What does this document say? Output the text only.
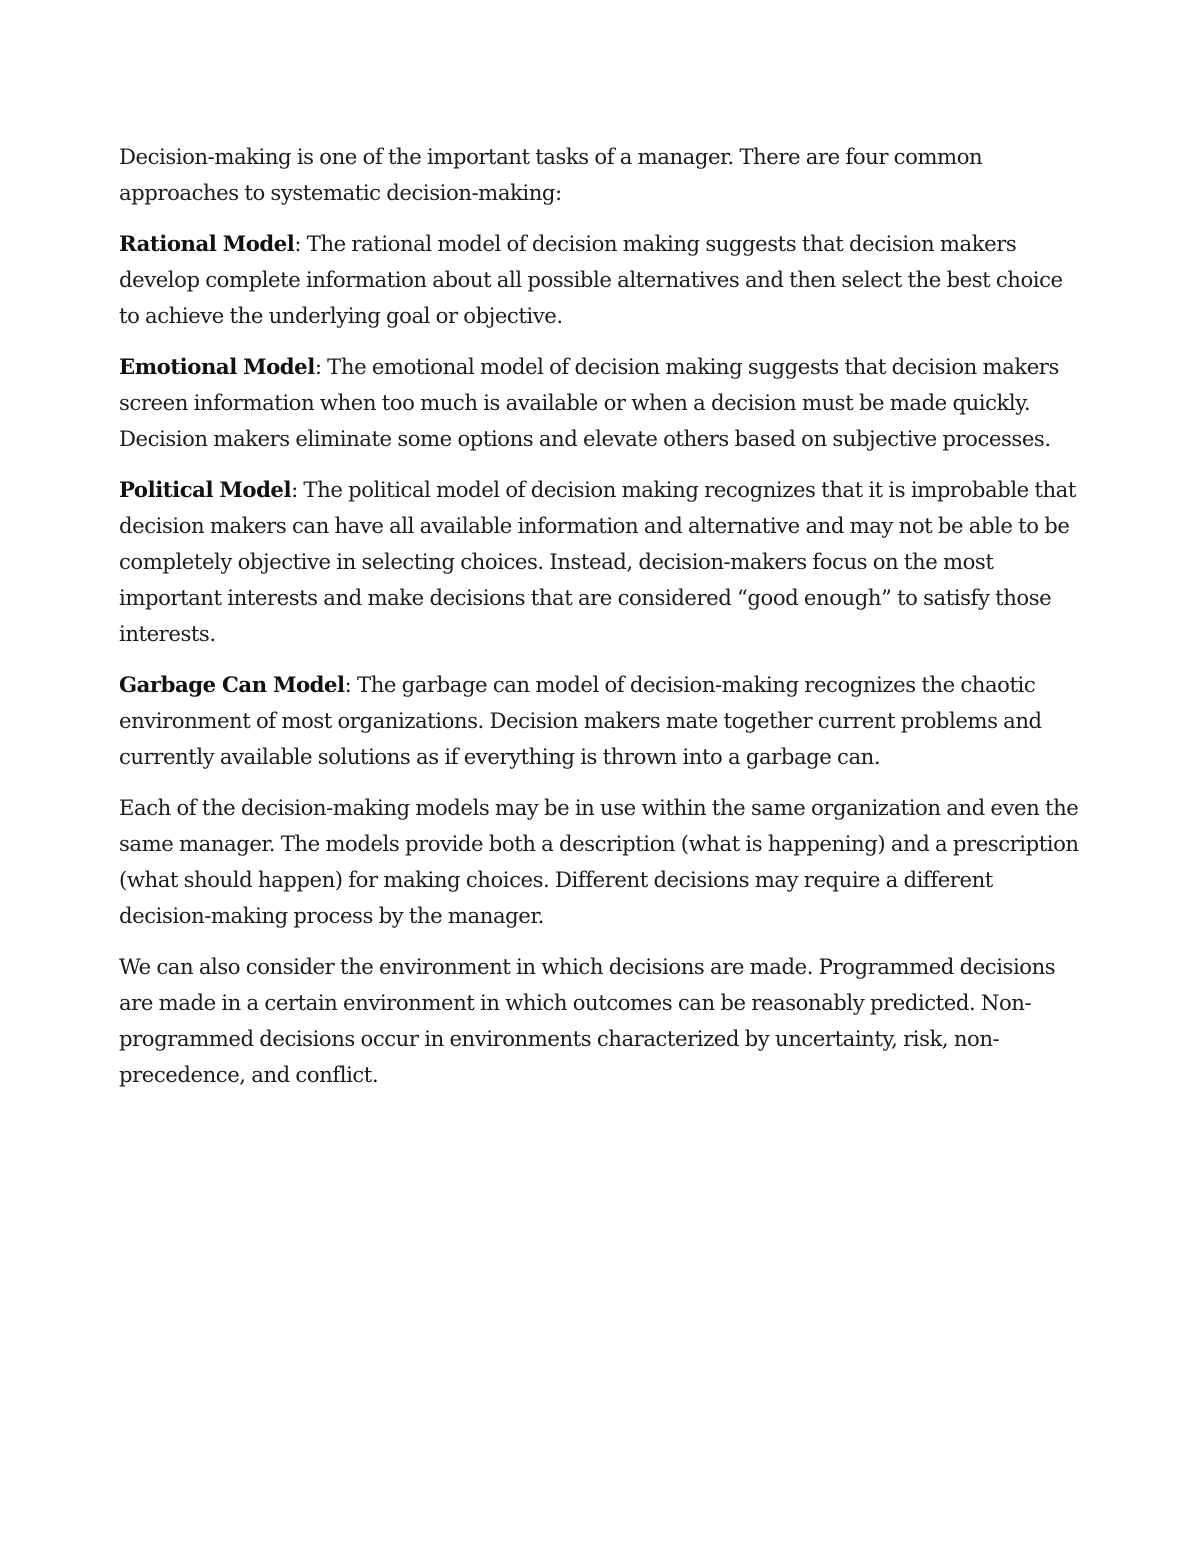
Decision-making is one of the important tasks of a manager. There are four common approaches to systematic decision-making:

Rational Model: The rational model of decision making suggests that decision makers develop complete information about all possible alternatives and then select the best choice to achieve the underlying goal or objective.

Emotional Model: The emotional model of decision making suggests that decision makers screen information when too much is available or when a decision must be made quickly. Decision makers eliminate some options and elevate others based on subjective processes.

Political Model: The political model of decision making recognizes that it is improbable that decision makers can have all available information and alternative and may not be able to be completely objective in selecting choices. Instead, decision-makers focus on the most important interests and make decisions that are considered “good enough” to satisfy those interests.

Garbage Can Model: The garbage can model of decision-making recognizes the chaotic environment of most organizations. Decision makers mate together current problems and currently available solutions as if everything is thrown into a garbage can.

Each of the decision-making models may be in use within the same organization and even the same manager. The models provide both a description (what is happening) and a prescription (what should happen) for making choices. Different decisions may require a different decision-making process by the manager.

We can also consider the environment in which decisions are made. Programmed decisions are made in a certain environment in which outcomes can be reasonably predicted. Non-programmed decisions occur in environments characterized by uncertainty, risk, non-precedence, and conflict.
